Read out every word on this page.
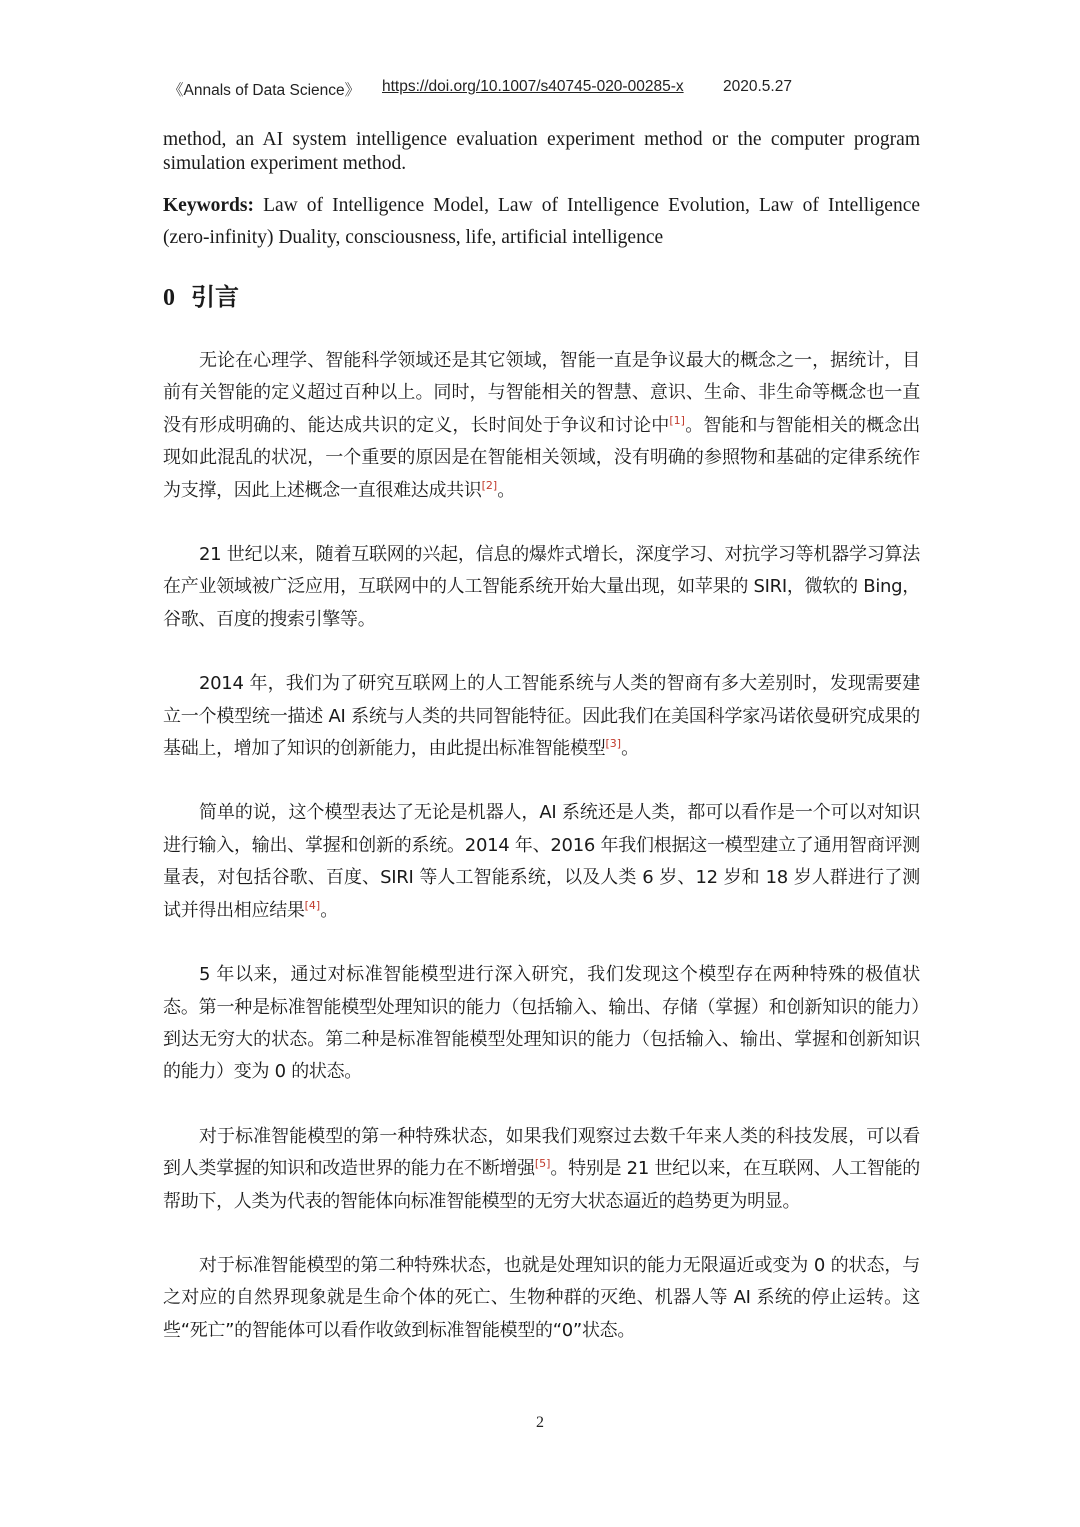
《Annals of Data Science》 https://doi.org/10.1007/s40745-020-00285-x	2020.5.27

method, an AI system intelligence evaluation experiment method or the computer program simulation experiment method.

Keywords: Law of Intelligence Model, Law of Intelligence Evolution, Law of Intelligence (zero-infinity) Duality, consciousness, life, artificial intelligence

0 引言

无论在心理学、智能科学领域还是其它领域，智能一直是争议最大的概念之一，据统计，目前有关智能的定义超过百种以上。同时，与智能相关的智慧、意识、生命、非生命等概念也一直没有形成明确的、能达成共识的定义，长时间处于争议和讨论中[1]。智能和与智能相关的概念出现如此混乱的状况，一个重要的原因是在智能相关领域，没有明确的参照物和基础的定律系统作为支撑，因此上述概念一直很难达成共识[2]。

21 世纪以来，随着互联网的兴起，信息的爆炸式增长，深度学习、对抗学习等机器学习算法在产业领域被广泛应用，互联网中的人工智能系统开始大量出现，如苹果的 SIRI，微软的 Bing，谷歌、百度的搜索引擎等。

2014 年，我们为了研究互联网上的人工智能系统与人类的智商有多大差别时，发现需要建立一个模型统一描述 AI 系统与人类的共同智能特征。因此我们在美国科学家冯诺依曼研究成果的基础上，增加了知识的创新能力，由此提出标准智能模型[3]。

简单的说，这个模型表达了无论是机器人，AI 系统还是人类，都可以看作是一个可以对知识进行输入，输出、掌握和创新的系统。2014 年、2016 年我们根据这一模型建立了通用智商评测量表，对包括谷歌、百度、SIRI 等人工智能系统，以及人类 6 岁、12 岁和 18 岁人群进行了测试并得出相应结果[4]。

5 年以来，通过对标准智能模型进行深入研究，我们发现这个模型存在两种特殊的极值状态。第一种是标准智能模型处理知识的能力（包括输入、输出、存储（掌握）和创新知识的能力）到达无穷大的状态。第二种是标准智能模型处理知识的能力（包括输入、输出、掌握和创新知识的能力）变为 0 的状态。

对于标准智能模型的第一种特殊状态，如果我们观察过去数千年来人类的科技发展，可以看到人类掌握的知识和改造世界的能力在不断增强[5]。特别是 21 世纪以来，在互联网、人工智能的帮助下，人类为代表的智能体向标准智能模型的无穷大状态逼近的趋势更为明显。

对于标准智能模型的第二种特殊状态，也就是处理知识的能力无限逼近或变为 0 的状态，与之对应的自然界现象就是生命个体的死亡、生物种群的灭绝、机器人等 AI 系统的停止运转。这些“死亡”的智能体可以看作收敛到标准智能模型的“0”状态。

2
